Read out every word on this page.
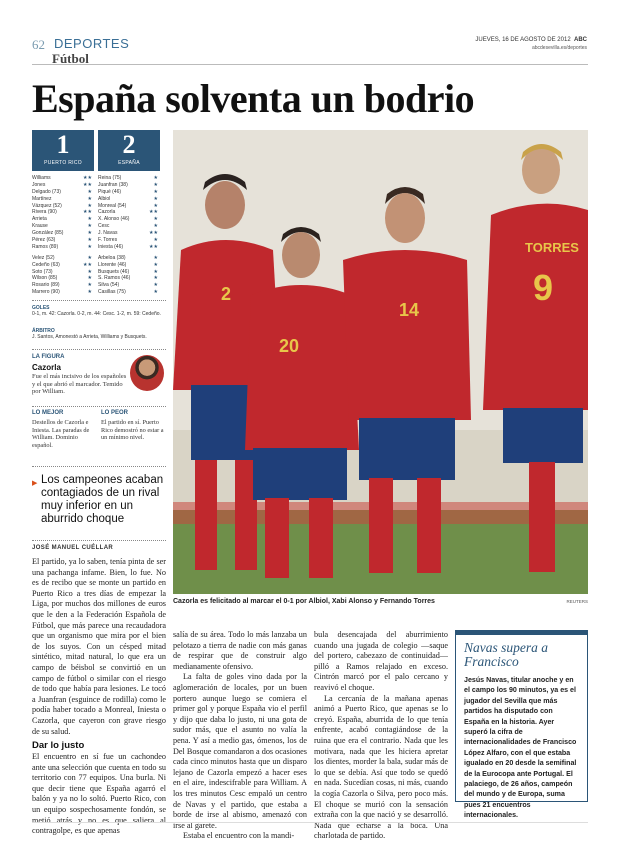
62 DEPORTES
Fútbol
JUEVES, 16 DE AGOSTO DE 2012 ABC
abcdesevilla.es/deportes
España solventa un bodrio
1
PUERTO RICO
2
ESPAÑA
Williams	★★
Jones	★★
Delgado (73)	★
Martínez	★
Vázquez (52)	★
Rivera (90)	★★
Arrieta	★
Krause	★
González (85)	★
Pérez (63)	★
Ramos (89)	★
Velez (52)	★
Cedeño (63)	★★
Soto (73)	★
Wilson (85)	★
Rosario (89)	★
Marrero (90)	★
Reina (75)	★
Juanfran (38)	★
Piqué (46)	★
Albiol	★
Monreal (54)	★
Cazorla	★★
X. Alonso (46)	★
Cesc	★
J. Navas	★★
F. Torres	★
Iniesta (46)	★★
Arbeloa (38)	★
Llorente (46)	★
Busquets (46)	★
S. Ramos (46)	★
Silva (54)	★
Casillas (75)	★
GOLES
0-1, m. 42: Cazorla. 0-2, m. 44: Cesc. 1-2, m. 59: Cedeño.
ÁRBITRO
J. Santos, Amonestó a Arrieta, Williams y Busquets.
LA FIGURA
Cazorla
Fue el más incisivo de los españoles y el que abrió el marcador. Temido por William.
LO MEJOR
Destellos de Cazorla e Iniesta. Las paradas de William. Dominio español.
LO PEOR
El partido en sí. Puerto Rico demostró no estar a un mínimo nivel.
▶ Los campeones acaban contagiados de un rival muy inferior en un aburrido choque
JOSÉ MANUEL CUÉLLAR

El partido, ya lo saben, tenía pinta de ser una pachanga infame. Bien, lo fue. No es de recibo que se monte un partido en Puerto Rico a tres días de empezar la Liga, por muchos dos millones de euros que le den a la Federación Española de Fútbol, que más parece una recaudadora que un organismo que mira por el bien de los suyos. Con un césped mitad sintético, mitad natural, lo que era un campo de béisbol se convirtió en un campo de fútbol o similar con el riesgo de todo que había para lesiones. Le tocó a Juanfran (esguince de rodilla) como le podía haber tocado a Monreal, Iniesta o Cazorla, que cayeron con grave riesgo de su salud.

Dar lo justo

El encuentro en sí fue un cachondeo ante una selección que cuenta en todo su territorio con 77 equipos. Una burla. Ni que decir tiene que España agarró el balón y ya no lo soltó. Puerto Rico, con un equipo sospechosamente fondón, se metió atrás y no es que saliera al contragolpe, es que apenas

salía de su área. Todo lo más lanzaba un pelotazo a tierra de nadie con más ganas de respirar que de construir algo medianamente ofensivo.

La falta de goles vino dada por la aglomeración de locales, por un buen portero aunque luego se comiera el primer gol y porque España vio el perfil y dijo que daba lo justo, ni una gota de sudor más, que el asunto no valía la pena. Y así a medio gas, ómenos, los de Del Bosque comandaron a dos ocasiones cada cinco minutos hasta que un disparo lejano de Cazorla empezó a hacer eses en el aire, indescifrable para William. A los tres minutos Cesc empaló un centro de Navas y el partido, que estaba a borde de irse al abismo, amenazó con irse al garete.

Estaba el encuentro con la mandi-

bula desencajada del aburrimiento cuando una jugada de colegio —saque del portero, cabezazo de continuidad— pilló a Ramos relajado en exceso. Cintrón marcó por el palo cercano y reavivó el choque.

La cercanía de la mañana apenas animó a Puerto Rico, que apenas se lo creyó. España, aburrida de lo que tenía enfrente, acabó contagiándose de la ruina que era el contrario. Nada que les motivara, nada que les hiciera apretar los dientes, morder la bala, sudar más de lo que se debía. Así que todo se quedó en nada. Sucedían cosas, ni más, cuando la cogía Cazorla o Silva, pero poco más. El choque se murió con la sensación extraña con la que nació y se desarrolló. Nada que echarse a la boca. Una charlotada de partido.

2
20
14
TORRES
9
Cazorla es felicitado al marcar el 0-1 por Albiol, Xabi Alonso y Fernando Torres	REUTERS
Navas supera a Francisco
Jesús Navas, titular anoche y en el campo los 90 minutos, ya es el jugador del Sevilla que más partidos ha disputado con España en la historia. Ayer superó la cifra de internacionalidades de Francisco López Alfaro, con el que estaba igualado en 20 desde la semifinal de la Eurocopa ante Portugal. El palaciego, de 26 años, campeón del mundo y de Europa, suma pues 21 encuentros internacionales.
